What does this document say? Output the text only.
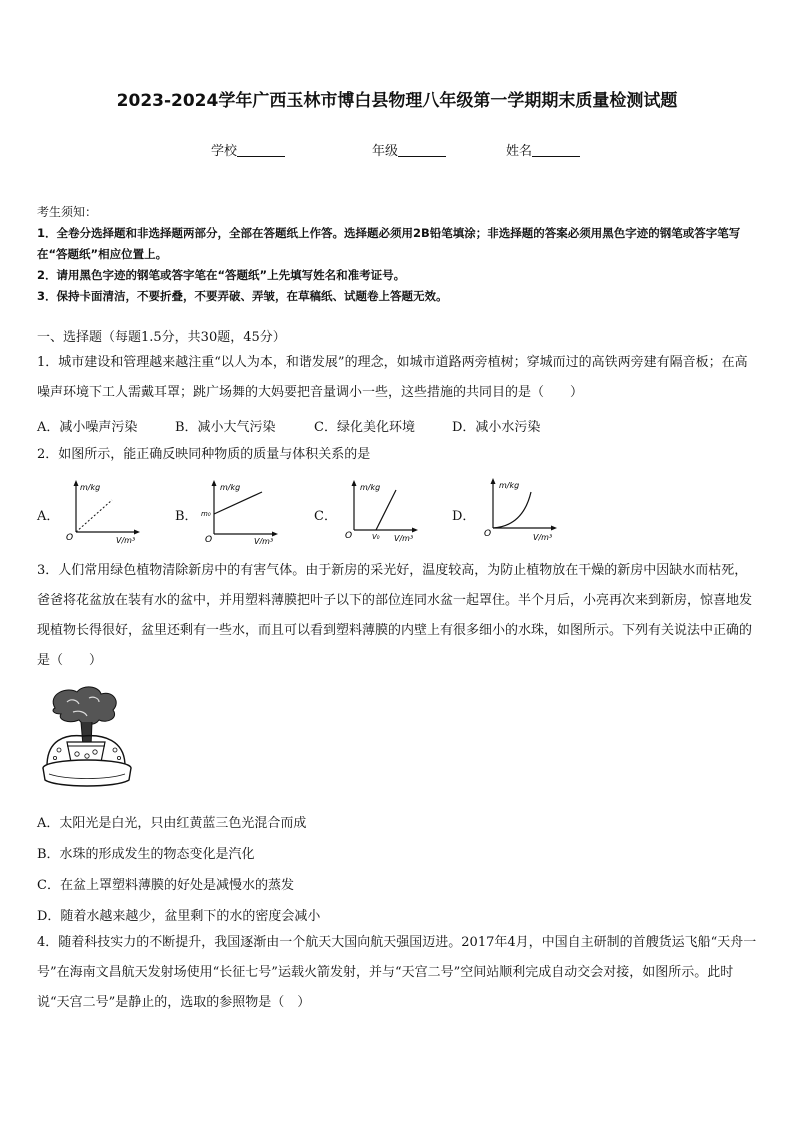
2023-2024学年广西玉林市博白县物理八年级第一学期期末质量检测试题
学校	年级	姓名
考生须知：
1．全卷分选择题和非选择题两部分，全部在答题纸上作答。选择题必须用2B铅笔填涂；非选择题的答案必须用黑色字迹的钢笔或答字笔写在“答题纸”相应位置上。
2．请用黑色字迹的钢笔或答字笔在“答题纸”上先填写姓名和准考证号。
3．保持卡面清洁，不要折叠，不要弄破、弄皱，在草稿纸、试题卷上答题无效。
一、选择题（每题1.5分，共30题，45分）
1．城市建设和管理越来越注重“以人为本，和谐发展”的理念，如城市道路两旁植树；穿城而过的高铁两旁建有隔音板；在高噪声环境下工人需戴耳罩；跳广场舞的大妈要把音量调小一些，这些措施的共同目的是（　　）
A．减小噪声污染	B．减小大气污染	C．绿化美化环境	D．减小水污染
2．如图所示，能正确反映同种物质的质量与体积关系的是
A．
m/kg
V/m³
O
B．
m/kg
V/m³
O
m₀	C．
m/kg
V/m³
O	V₀
D．
m/kg
V/m³
O
3．人们常用绿色植物清除新房中的有害气体。由于新房的采光好，温度较高，为防止植物放在干燥的新房中因缺水而枯死，爸爸将花盆放在装有水的盆中，并用塑料薄膜把叶子以下的部位连同水盆一起罩住。半个月后，小亮再次来到新房，惊喜地发现植物长得很好，盆里还剩有一些水，而且可以看到塑料薄膜的内壁上有很多细小的水珠，如图所示。下列有关说法中正确的是（　　）
A．太阳光是白光，只由红黄蓝三色光混合而成
B．水珠的形成发生的物态变化是汽化
C．在盆上罩塑料薄膜的好处是减慢水的蒸发
D．随着水越来越少，盆里剩下的水的密度会减小
4．随着科技实力的不断提升，我国逐渐由一个航天大国向航天强国迈进。2017年4月，中国自主研制的首艘货运飞船“天舟一号”在海南文昌航天发射场使用“长征七号”运载火箭发射，并与“天宫二号”空间站顺利完成自动交会对接，如图所示。此时说“天宫二号”是静止的，选取的参照物是（　）
